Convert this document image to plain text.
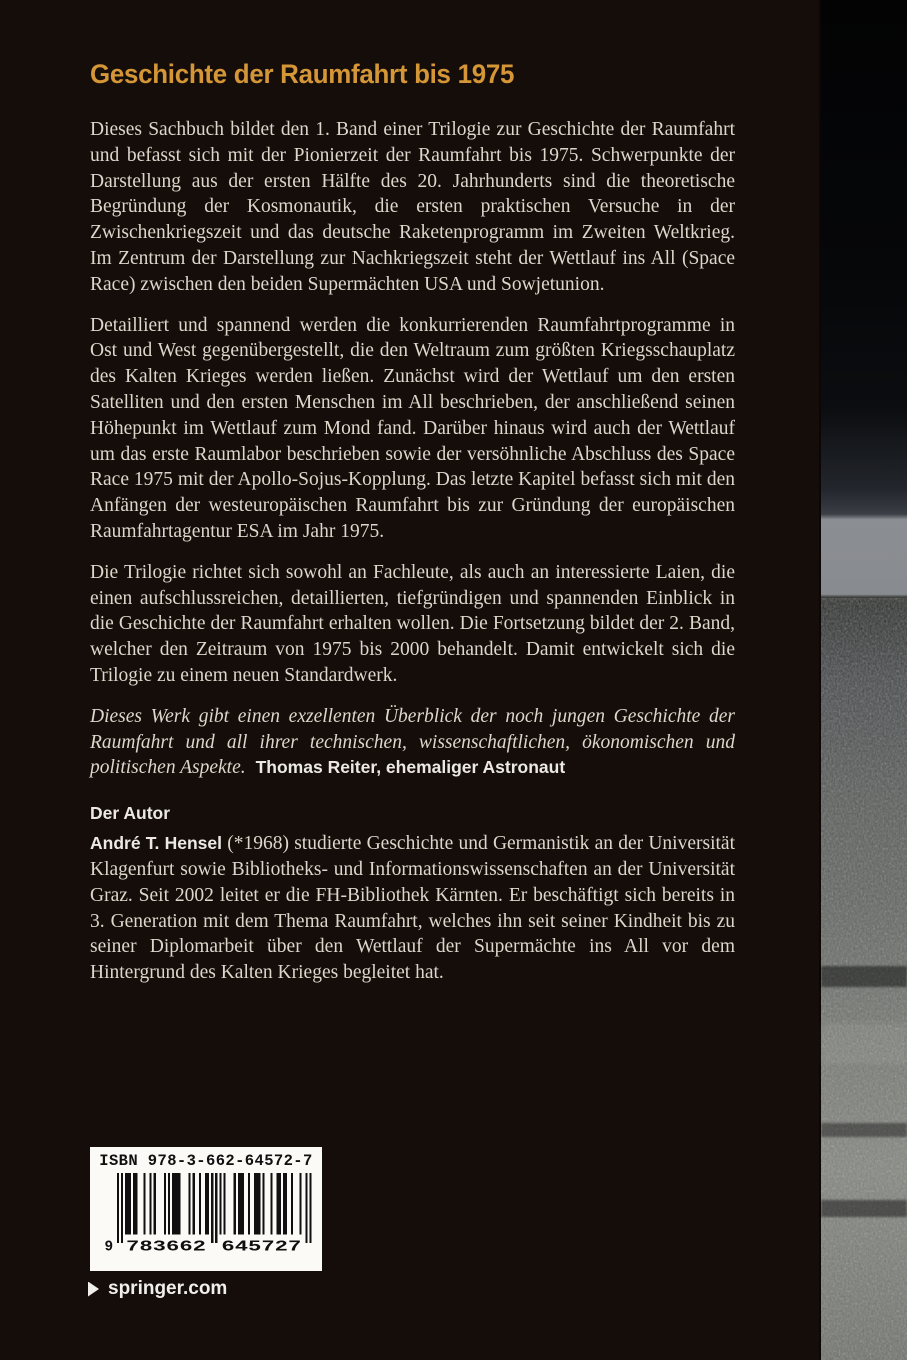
Geschichte der Raumfahrt bis 1975

Dieses Sachbuch bildet den 1. Band einer Trilogie zur Geschichte der Raumfahrt und befasst sich mit der Pionierzeit der Raumfahrt bis 1975. Schwerpunkte der Darstellung aus der ersten Hälfte des 20. Jahrhunderts sind die theoretische Begründung der Kosmonautik, die ersten praktischen Versuche in der Zwischenkriegszeit und das deutsche Raketenprogramm im Zweiten Weltkrieg. Im Zentrum der Darstellung zur Nachkriegszeit steht der Wettlauf ins All (Space Race) zwischen den beiden Supermächten USA und Sowjetunion.

Detailliert und spannend werden die konkurrierenden Raumfahrtprogramme in Ost und West gegenübergestellt, die den Weltraum zum größten Kriegsschauplatz des Kalten Krieges werden ließen. Zunächst wird der Wettlauf um den ersten Satelliten und den ersten Menschen im All beschrieben, der anschließend seinen Höhepunkt im Wettlauf zum Mond fand. Darüber hinaus wird auch der Wettlauf um das erste Raumlabor beschrieben sowie der versöhnliche Abschluss des Space Race 1975 mit der Apollo-Sojus-Kopplung. Das letzte Kapitel befasst sich mit den Anfängen der westeuropäischen Raumfahrt bis zur Gründung der europäischen Raumfahrtagentur ESA im Jahr 1975.

Die Trilogie richtet sich sowohl an Fachleute, als auch an interessierte Laien, die einen aufschlussreichen, detaillierten, tiefgründigen und spannenden Einblick in die Geschichte der Raumfahrt erhalten wollen. Die Fortsetzung bildet der 2. Band, welcher den Zeitraum von 1975 bis 2000 behandelt. Damit entwickelt sich die Trilogie zu einem neuen Standardwerk.

Dieses Werk gibt einen exzellenten Überblick der noch jungen Geschichte der Raumfahrt und all ihrer technischen, wissenschaftlichen, ökonomischen und politischen Aspekte. Thomas Reiter, ehemaliger Astronaut

Der Autor

André T. Hensel (*1968) studierte Geschichte und Germanistik an der Universität Klagenfurt sowie Bibliotheks- und Informationswissenschaften an der Universität Graz. Seit 2002 leitet er die FH-Bibliothek Kärnten. Er beschäftigt sich bereits in 3. Generation mit dem Thema Raumfahrt, welches ihn seit seiner Kindheit bis zu seiner Diplomarbeit über den Wettlauf der Supermächte ins All vor dem Hintergrund des Kalten Krieges begleitet hat.

ISBN 978-3-662-64572-7
9 783662 645727
springer.com
